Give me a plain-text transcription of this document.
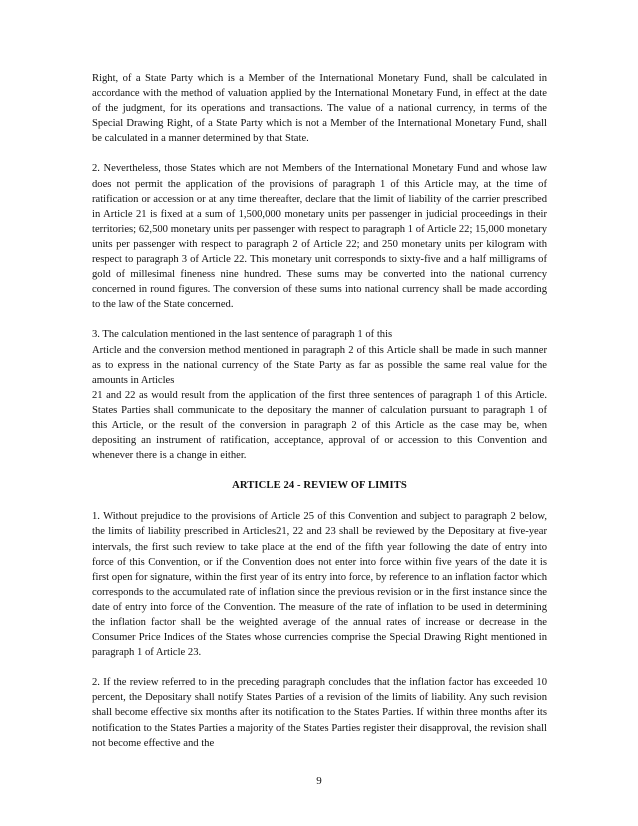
Right, of a State Party which is a Member of the International Monetary Fund, shall be calculated in accordance with the method of valuation applied by the International Monetary Fund, in effect at the date of the judgment, for its operations and transactions. The value of a national currency, in terms of the Special Drawing Right, of a State Party which is not a Member of the International Monetary Fund, shall be calculated in a manner determined by that State.

2. Nevertheless, those States which are not Members of the International Monetary Fund and whose law does not permit the application of the provisions of paragraph 1 of this Article may, at the time of ratification or accession or at any time thereafter, declare that the limit of liability of the carrier prescribed in Article 21 is fixed at a sum of 1,500,000 monetary units per passenger in judicial proceedings in their territories; 62,500 monetary units per passenger with respect to paragraph 1 of Article 22; 15,000 monetary units per passenger with respect to paragraph 2 of Article 22; and 250 monetary units per kilogram with respect to paragraph 3 of Article 22. This monetary unit corresponds to sixty-five and a half milligrams of gold of millesimal fineness nine hundred. These sums may be converted into the national currency concerned in round figures. The conversion of these sums into national currency shall be made according to the law of the State concerned.

3. The calculation mentioned in the last sentence of paragraph 1 of this
Article and the conversion method mentioned in paragraph 2 of this Article shall be made in such manner as to express in the national currency of the State Party as far as possible the same real value for the amounts in Articles
21 and 22 as would result from the application of the first three sentences of paragraph 1 of this Article. States Parties shall communicate to the depositary the manner of calculation pursuant to paragraph 1 of this Article, or the result of the conversion in paragraph 2 of this Article as the case may be, when depositing an instrument of ratification, acceptance, approval of or accession to this Convention and whenever there is a change in either.

ARTICLE 24 - REVIEW OF LIMITS

1. Without prejudice to the provisions of Article 25 of this Convention and subject to paragraph 2 below, the limits of liability prescribed in Articles21, 22 and 23 shall be reviewed by the Depositary at five-year intervals, the first such review to take place at the end of the fifth year following the date of entry into force of this Convention, or if the Convention does not enter into force within five years of the date it is first open for signature, within the first year of its entry into force, by reference to an inflation factor which corresponds to the accumulated rate of inflation since the previous revision or in the first instance since the date of entry into force of the Convention. The measure of the rate of inflation to be used in determining the inflation factor shall be the weighted average of the annual rates of increase or decrease in the Consumer Price Indices of the States whose currencies comprise the Special Drawing Right mentioned in paragraph 1 of Article 23.

2. If the review referred to in the preceding paragraph concludes that the inflation factor has exceeded 10 percent, the Depositary shall notify States Parties of a revision of the limits of liability. Any such revision shall become effective six months after its notification to the States Parties. If within three months after its notification to the States Parties a majority of the States Parties register their disapproval, the revision shall not become effective and the

9
